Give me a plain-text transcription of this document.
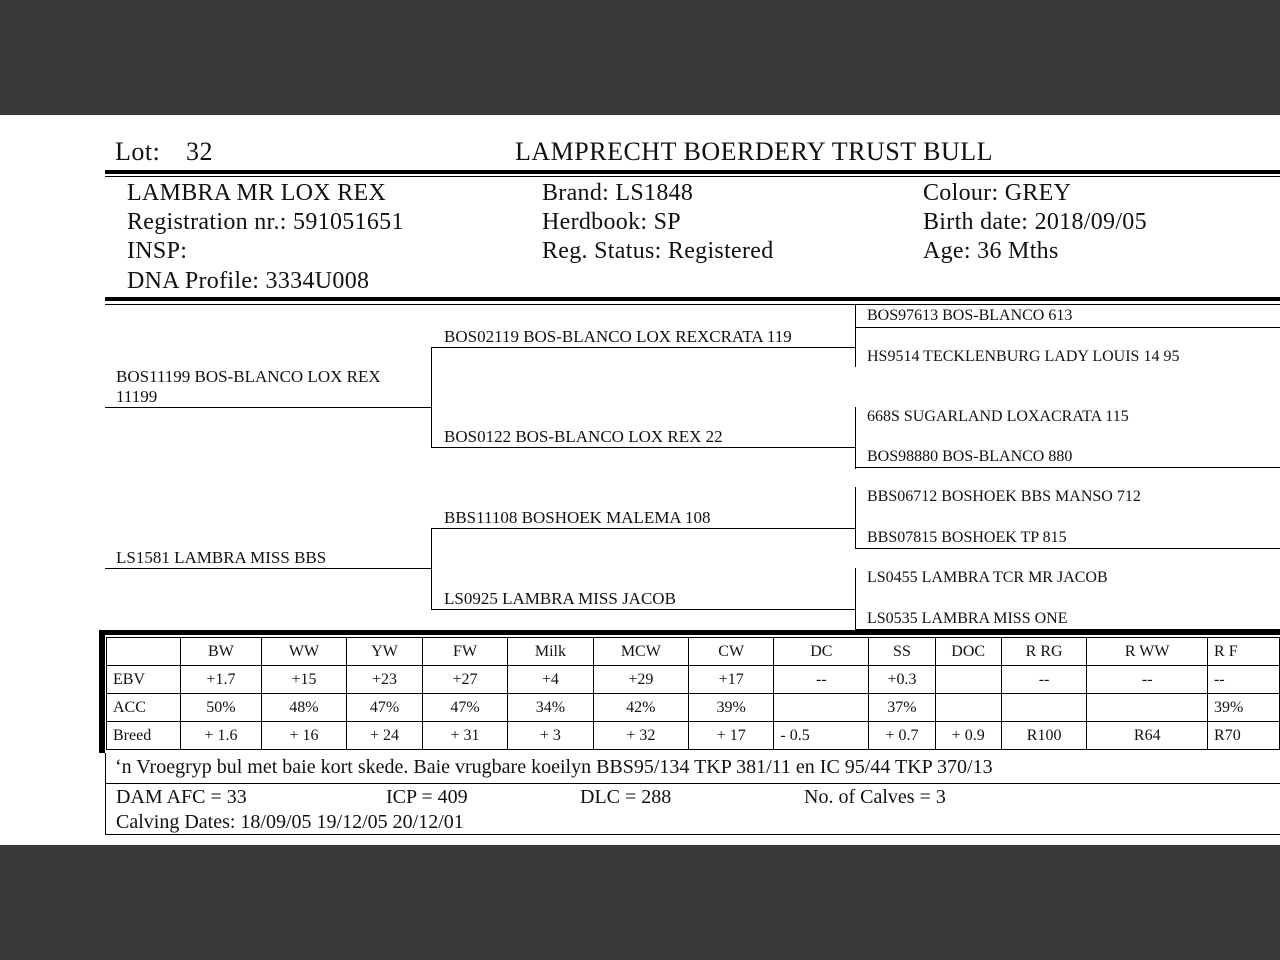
Lot: 32	LAMPRECHT BOERDERY TRUST BULL
LAMBRA MR LOX REX
Registration nr.: 591051651
INSP:
DNA Profile: 3334U008
Brand: LS1848
Herdbook: SP
Reg. Status: Registered
Colour: GREY
Birth date: 2018/09/05
Age: 36 Mths
BOS11199 BOS-BLANCO LOX REX
11199
BOS02119 BOS-BLANCO LOX REXCRATA 119
BOS0122 BOS-BLANCO LOX REX 22
LS1581 LAMBRA MISS BBS
BBS11108 BOSHOEK MALEMA 108
LS0925 LAMBRA MISS JACOB
BOS97613 BOS-BLANCO 613
HS9514 TECKLENBURG LADY LOUIS 14 95
668S SUGARLAND LOXACRATA 115
BOS98880 BOS-BLANCO 880
BBS06712 BOSHOEK BBS MANSO 712
BBS07815 BOSHOEK TP 815
LS0455 LAMBRA TCR MR JACOB
LS0535 LAMBRA MISS ONE
	BW	WW	YW	FW	Milk	MCW	CW	DC	SS	DOC	R RG	R WW	R F
EBV	+1.7	+15	+23	+27	+4	+29	+17	--	+0.3		--	--	--
ACC	50%	48%	47%	47%	34%	42%	39%		37%				39%
Breed	+ 1.6	+ 16	+ 24	+ 31	+ 3	+ 32	+ 17	- 0.5	+ 0.7	+ 0.9	R100	R64	R70
‘n Vroegryp bul met baie kort skede. Baie vrugbare koeilyn BBS95/134 TKP 381/11 en IC 95/44 TKP 370/13
DAM AFC = 33	ICP = 409	DLC = 288	No. of Calves = 3
Calving Dates: 18/09/05 19/12/05 20/12/01
